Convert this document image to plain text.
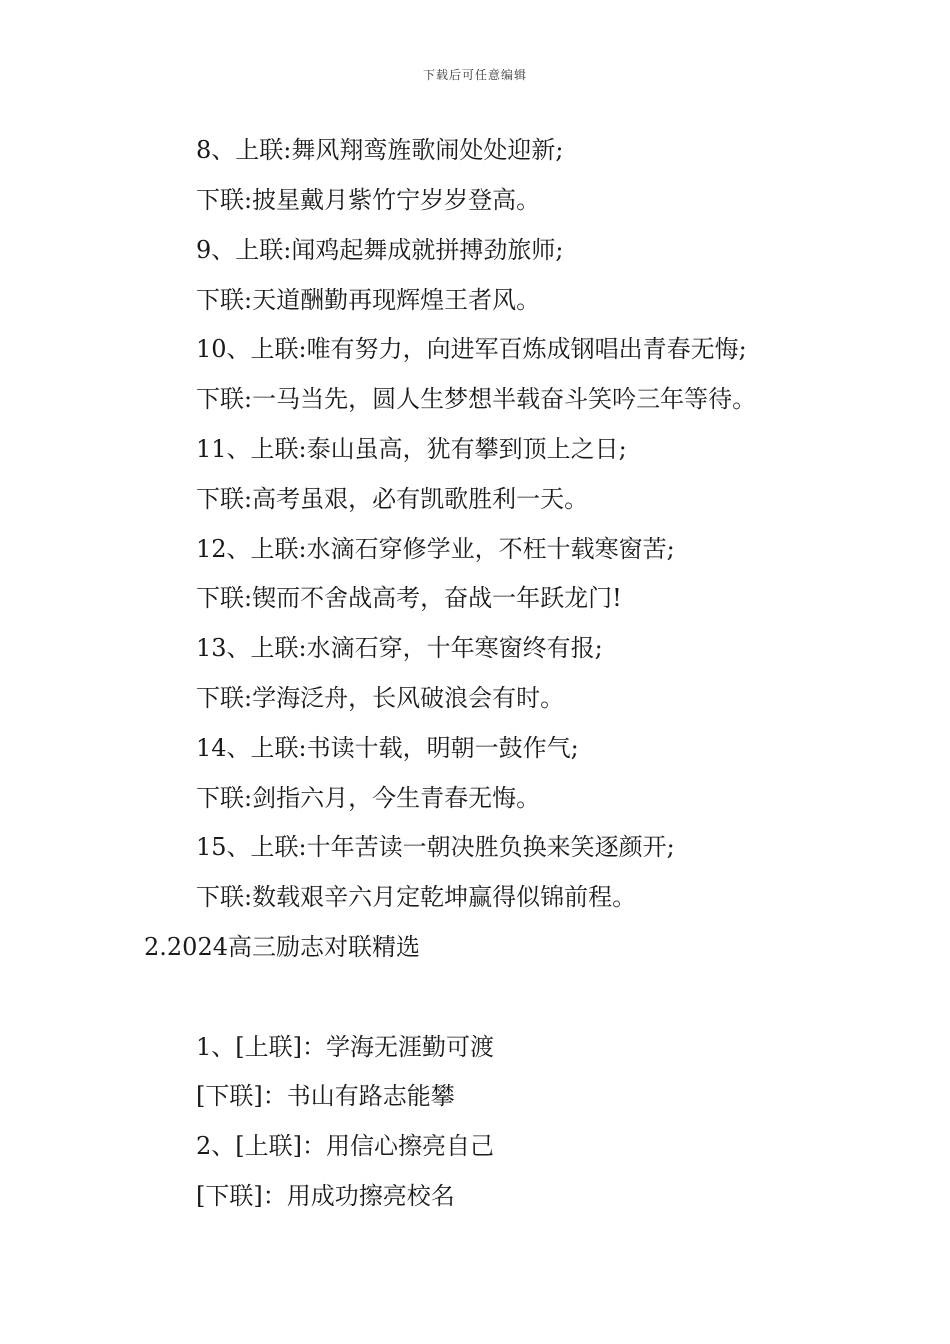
下载后可任意编辑
8、上联:舞风翔鸾旌歌闹处处迎新;
下联:披星戴月紫竹宁岁岁登高。
9、上联:闻鸡起舞成就拼搏劲旅师;
下联:天道酬勤再现辉煌王者风。
10、上联:唯有努力，向进军百炼成钢唱出青春无悔;
下联:一马当先，圆人生梦想半载奋斗笑吟三年等待。
11、上联:泰山虽高，犹有攀到顶上之日;
下联:高考虽艰，必有凯歌胜利一天。
12、上联:水滴石穿修学业，不枉十载寒窗苦;
下联:锲而不舍战高考，奋战一年跃龙门!
13、上联:水滴石穿，十年寒窗终有报;
下联:学海泛舟，长风破浪会有时。
14、上联:书读十载，明朝一鼓作气;
下联:剑指六月，今生青春无悔。
15、上联:十年苦读一朝决胜负换来笑逐颜开;
下联:数载艰辛六月定乾坤赢得似锦前程。
2.2024高三励志对联精选
1、[上联]：学海无涯勤可渡
[下联]：书山有路志能攀
2、[上联]：用信心擦亮自己
[下联]：用成功擦亮校名
